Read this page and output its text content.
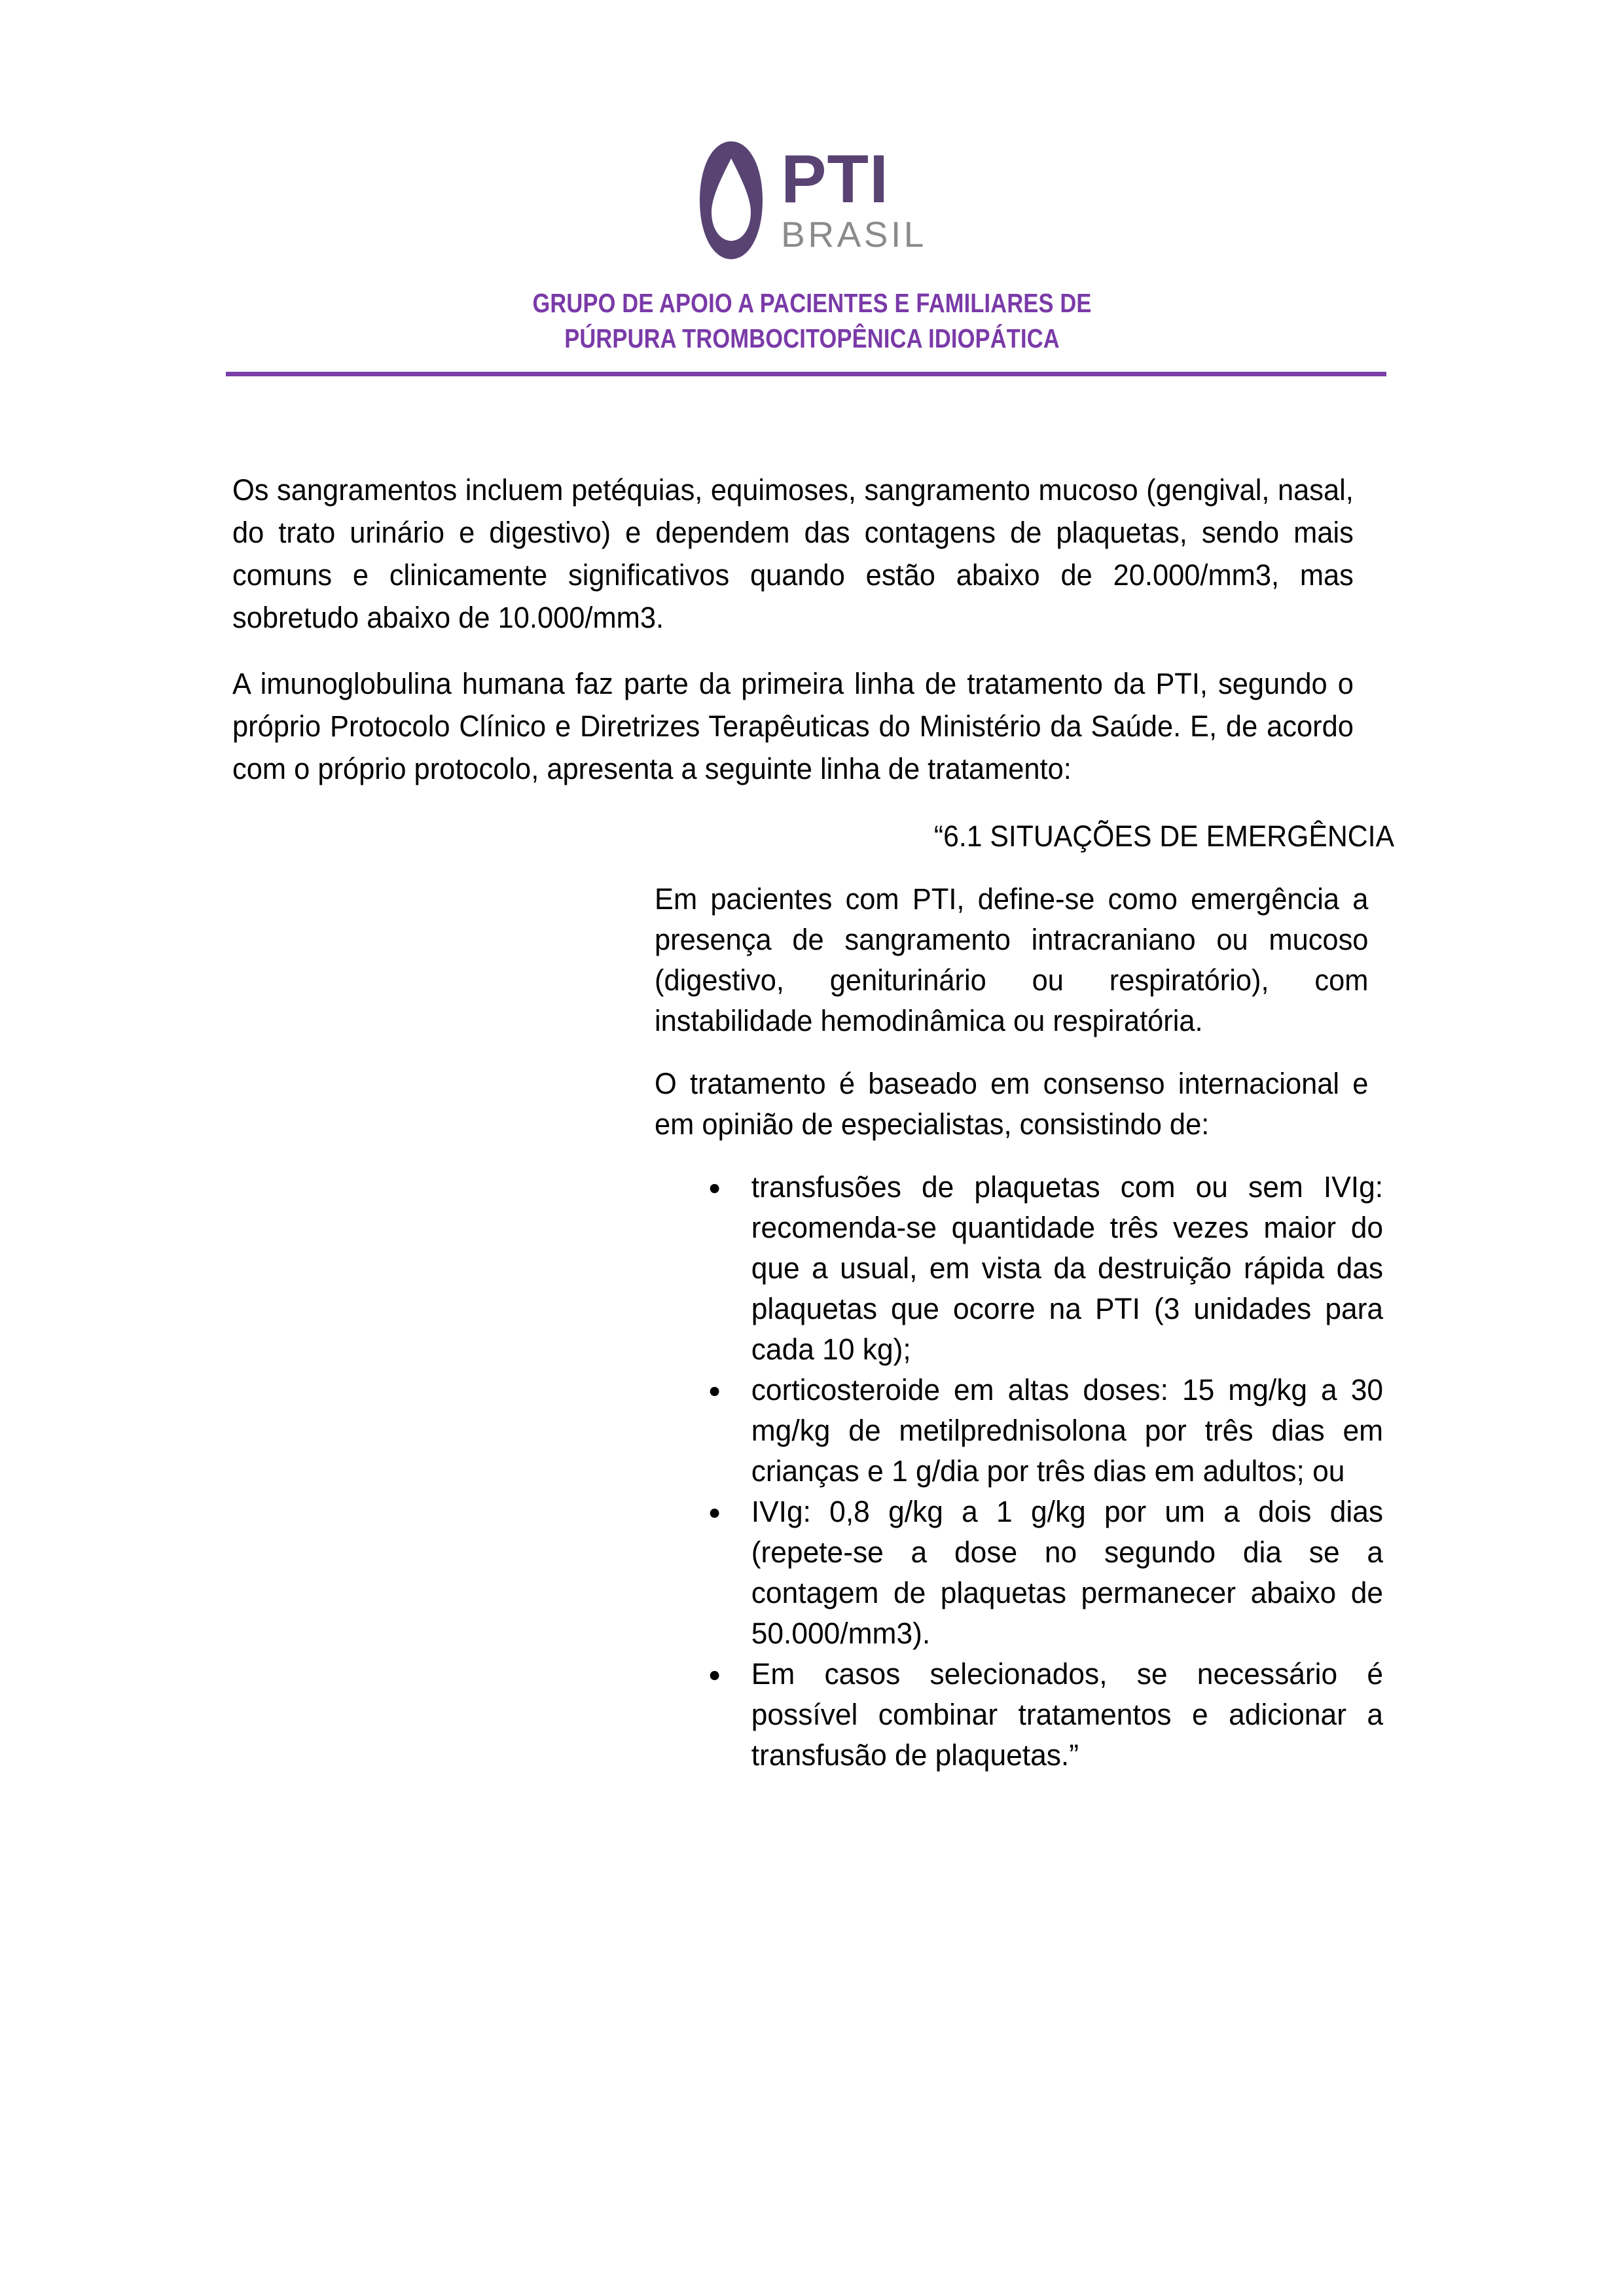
PTI
BRASIL
GRUPO DE APOIO A PACIENTES E FAMILIARES DE
PÚRPURA TROMBOCITOPÊNICA IDIOPÁTICA

Os sangramentos incluem petéquias, equimoses, sangramento mucoso (gengival, nasal, do trato urinário e digestivo) e dependem das contagens de plaquetas, sendo mais comuns e clinicamente significativos quando estão abaixo de 20.000/mm3, mas sobretudo abaixo de 10.000/mm3.

A imunoglobulina humana faz parte da primeira linha de tratamento da PTI, segundo o próprio Protocolo Clínico e Diretrizes Terapêuticas do Ministério da Saúde. E, de acordo com o próprio protocolo, apresenta a seguinte linha de tratamento:

“6.1 SITUAÇÕES DE EMERGÊNCIA

Em pacientes com PTI, define-se como emergência a presença de sangramento intracraniano ou mucoso (digestivo, geniturinário ou respiratório), com instabilidade hemodinâmica ou respiratória.

O tratamento é baseado em consenso internacional e em opinião de especialistas, consistindo de:

transfusões de plaquetas com ou sem IVIg: recomenda-se quantidade três vezes maior do que a usual, em vista da destruição rápida das plaquetas que ocorre na PTI (3 unidades para cada 10 kg);
corticosteroide em altas doses: 15 mg/kg a 30 mg/kg de metilprednisolona por três dias em crianças e 1 g/dia por três dias em adultos; ou
IVIg: 0,8 g/kg a 1 g/kg por um a dois dias (repete-se a dose no segundo dia se a contagem de plaquetas permanecer abaixo de 50.000/mm3).
Em casos selecionados, se necessário é possível combinar tratamentos e adicionar a transfusão de plaquetas.”
